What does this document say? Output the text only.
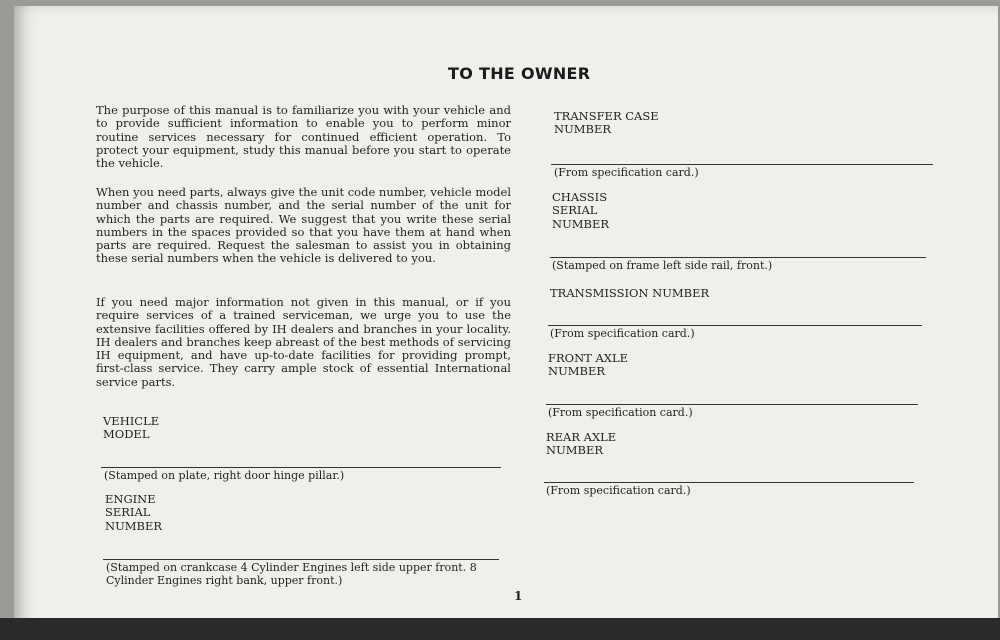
TO THE OWNER

The purpose of this manual is to familiarize you with your vehicle and to provide sufficient information to enable you to perform minor routine services necessary for continued efficient operation. To protect your equipment, study this manual before you start to operate the vehicle.

When you need parts, always give the unit code number, vehicle model number and chassis number, and the serial number of the unit for which the parts are required. We suggest that you write these serial numbers in the spaces provided so that you have them at hand when parts are required. Request the salesman to assist you in obtaining these serial numbers when the vehicle is delivered to you.

If you need major information not given in this manual, or if you require services of a trained serviceman, we urge you to use the extensive facilities offered by IH dealers and branches in your locality. IH dealers and branches keep abreast of the best methods of servicing IH equipment, and have up-to-date facilities for providing prompt, first-class service. They carry ample stock of essential International service parts.

VEHICLE
MODEL

(Stamped on plate, right door hinge pillar.)

ENGINE
SERIAL
NUMBER

(Stamped on crankcase 4 Cylinder Engines left side upper front. 8 Cylinder Engines right bank, upper front.)

TRANSFER CASE
NUMBER

(From specification card.)

CHASSIS
SERIAL
NUMBER

(Stamped on frame left side rail, front.)

TRANSMISSION NUMBER

(From specification card.)

FRONT AXLE
NUMBER

(From specification card.)

REAR AXLE
NUMBER

(From specification card.)

1
